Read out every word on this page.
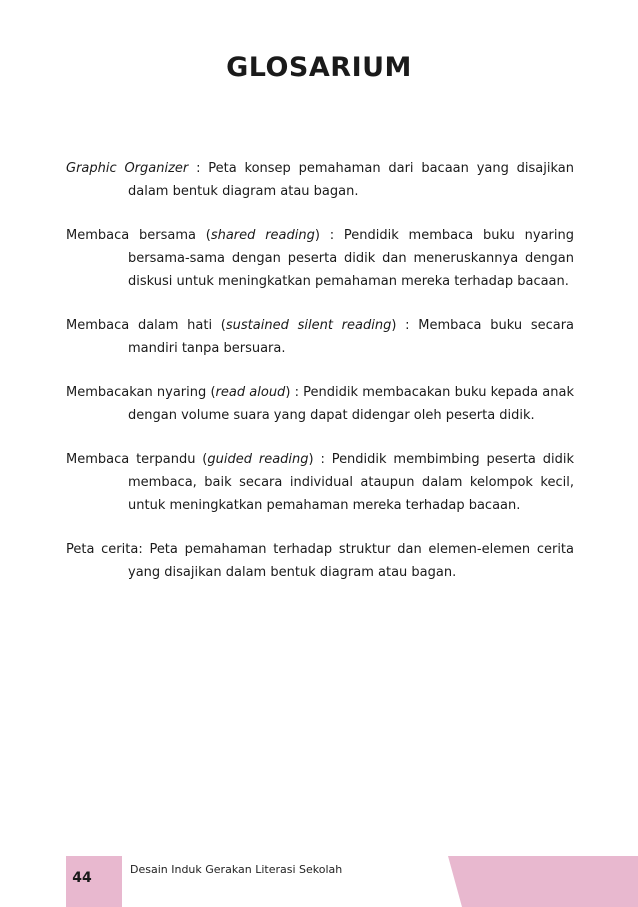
GLOSARIUM

Graphic Organizer : Peta konsep pemahaman dari bacaan yang disajikan dalam bentuk diagram atau bagan.

Membaca bersama (shared reading) : Pendidik membaca buku nyaring bersama-sama dengan peserta didik dan meneruskannya dengan diskusi untuk meningkatkan pemahaman mereka terhadap bacaan.

Membaca dalam hati (sustained silent reading) : Membaca buku secara mandiri tanpa bersuara.

Membacakan nyaring (read aloud) : Pendidik membacakan buku kepada anak dengan volume suara yang dapat didengar oleh peserta didik.

Membaca terpandu (guided reading) : Pendidik membimbing peserta didik membaca, baik secara individual ataupun dalam kelompok kecil, untuk meningkatkan pemahaman mereka terhadap bacaan.

Peta cerita: Peta pemahaman terhadap struktur dan elemen-elemen cerita yang disajikan dalam bentuk diagram atau bagan.

44
Desain Induk Gerakan Literasi Sekolah
